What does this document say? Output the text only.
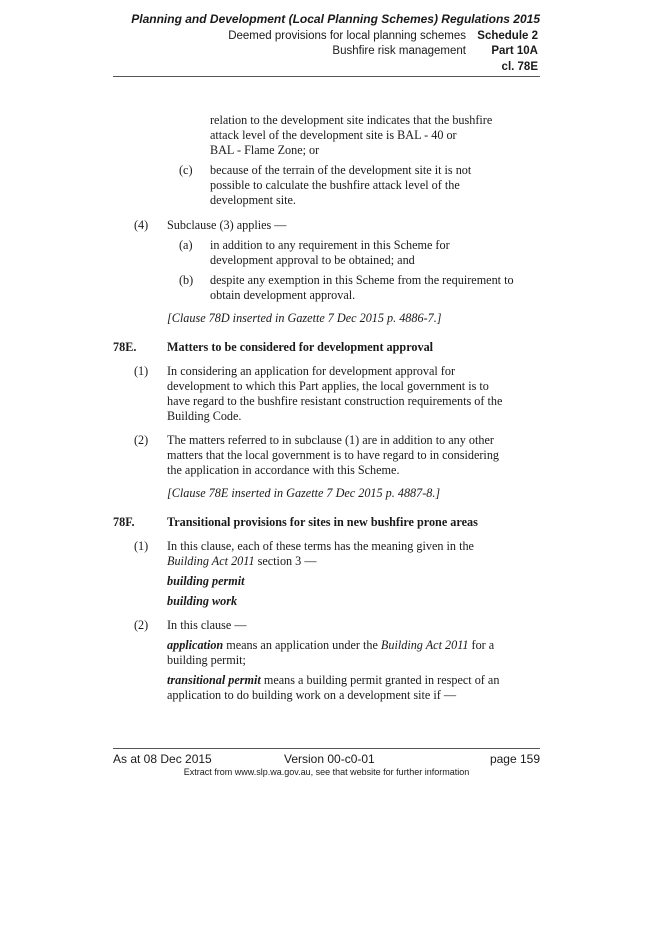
Planning and Development (Local Planning Schemes) Regulations 2015
Deemed provisions for local planning schemes Schedule 2
Bushfire risk management	Part 10A
cl. 78E
relation to the development site indicates that the bushfire
attack level of the development site is BAL - 40 or
BAL - Flame Zone; or
(c) because of the terrain of the development site it is not
possible to calculate the bushfire attack level of the
development site.
(4) Subclause (3) applies —
(a) in addition to any requirement in this Scheme for
development approval to be obtained; and
(b) despite any exemption in this Scheme from the requirement to
obtain development approval.
[Clause 78D inserted in Gazette 7 Dec 2015 p. 4886-7.]
78E.	Matters to be considered for development approval
(1) In considering an application for development approval for
development to which this Part applies, the local government is to
have regard to the bushfire resistant construction requirements of the
Building Code.
(2) The matters referred to in subclause (1) are in addition to any other
matters that the local government is to have regard to in considering
the application in accordance with this Scheme.
[Clause 78E inserted in Gazette 7 Dec 2015 p. 4887-8.]
78F.	Transitional provisions for sites in new bushfire prone areas
(1) In this clause, each of these terms has the meaning given in the
Building Act 2011 section 3 —
building permit
building work
(2) In this clause —
application means an application under the Building Act 2011 for a
building permit;
transitional permit means a building permit granted in respect of an
application to do building work on a development site if —
As at 08 Dec 2015	Version 00-c0-01	page 159
Extract from www.slp.wa.gov.au, see that website for further information
